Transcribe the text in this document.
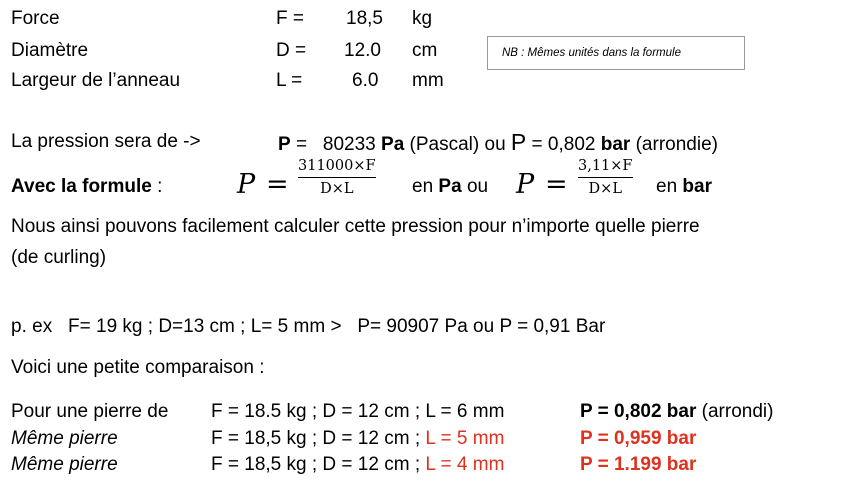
Force	F = 18,5 kg
Diamètre	D = 12.0 cm
Largeur de l’anneau	L =	6.0 mm
NB : Mêmes unités dans la formule
La pression sera de ->	P =   80233 Pa (Pascal) ou P = 0,802 bar (arrondie)
Avec la formule :	P =
311000×F
D×L	en Pa ou P =
3,11×F
D×L en bar
Nous ainsi pouvons facilement calculer cette pression pour n’importe quelle pierre
(de curling)
p. ex   F= 19 kg ; D=13 cm ; L= 5 mm >   P= 90907 Pa ou P = 0,91 Bar
Voici une petite comparaison :
Pour une pierre de F = 18.5 kg ; D = 12 cm ; L = 6 mm	P = 0,802 bar (arrondi)
Même pierre	F = 18,5 kg ; D = 12 cm ; L = 5 mm	P = 0,959 bar
Même pierre	F = 18,5 kg ; D = 12 cm ; L = 4 mm	P = 1.199 bar
